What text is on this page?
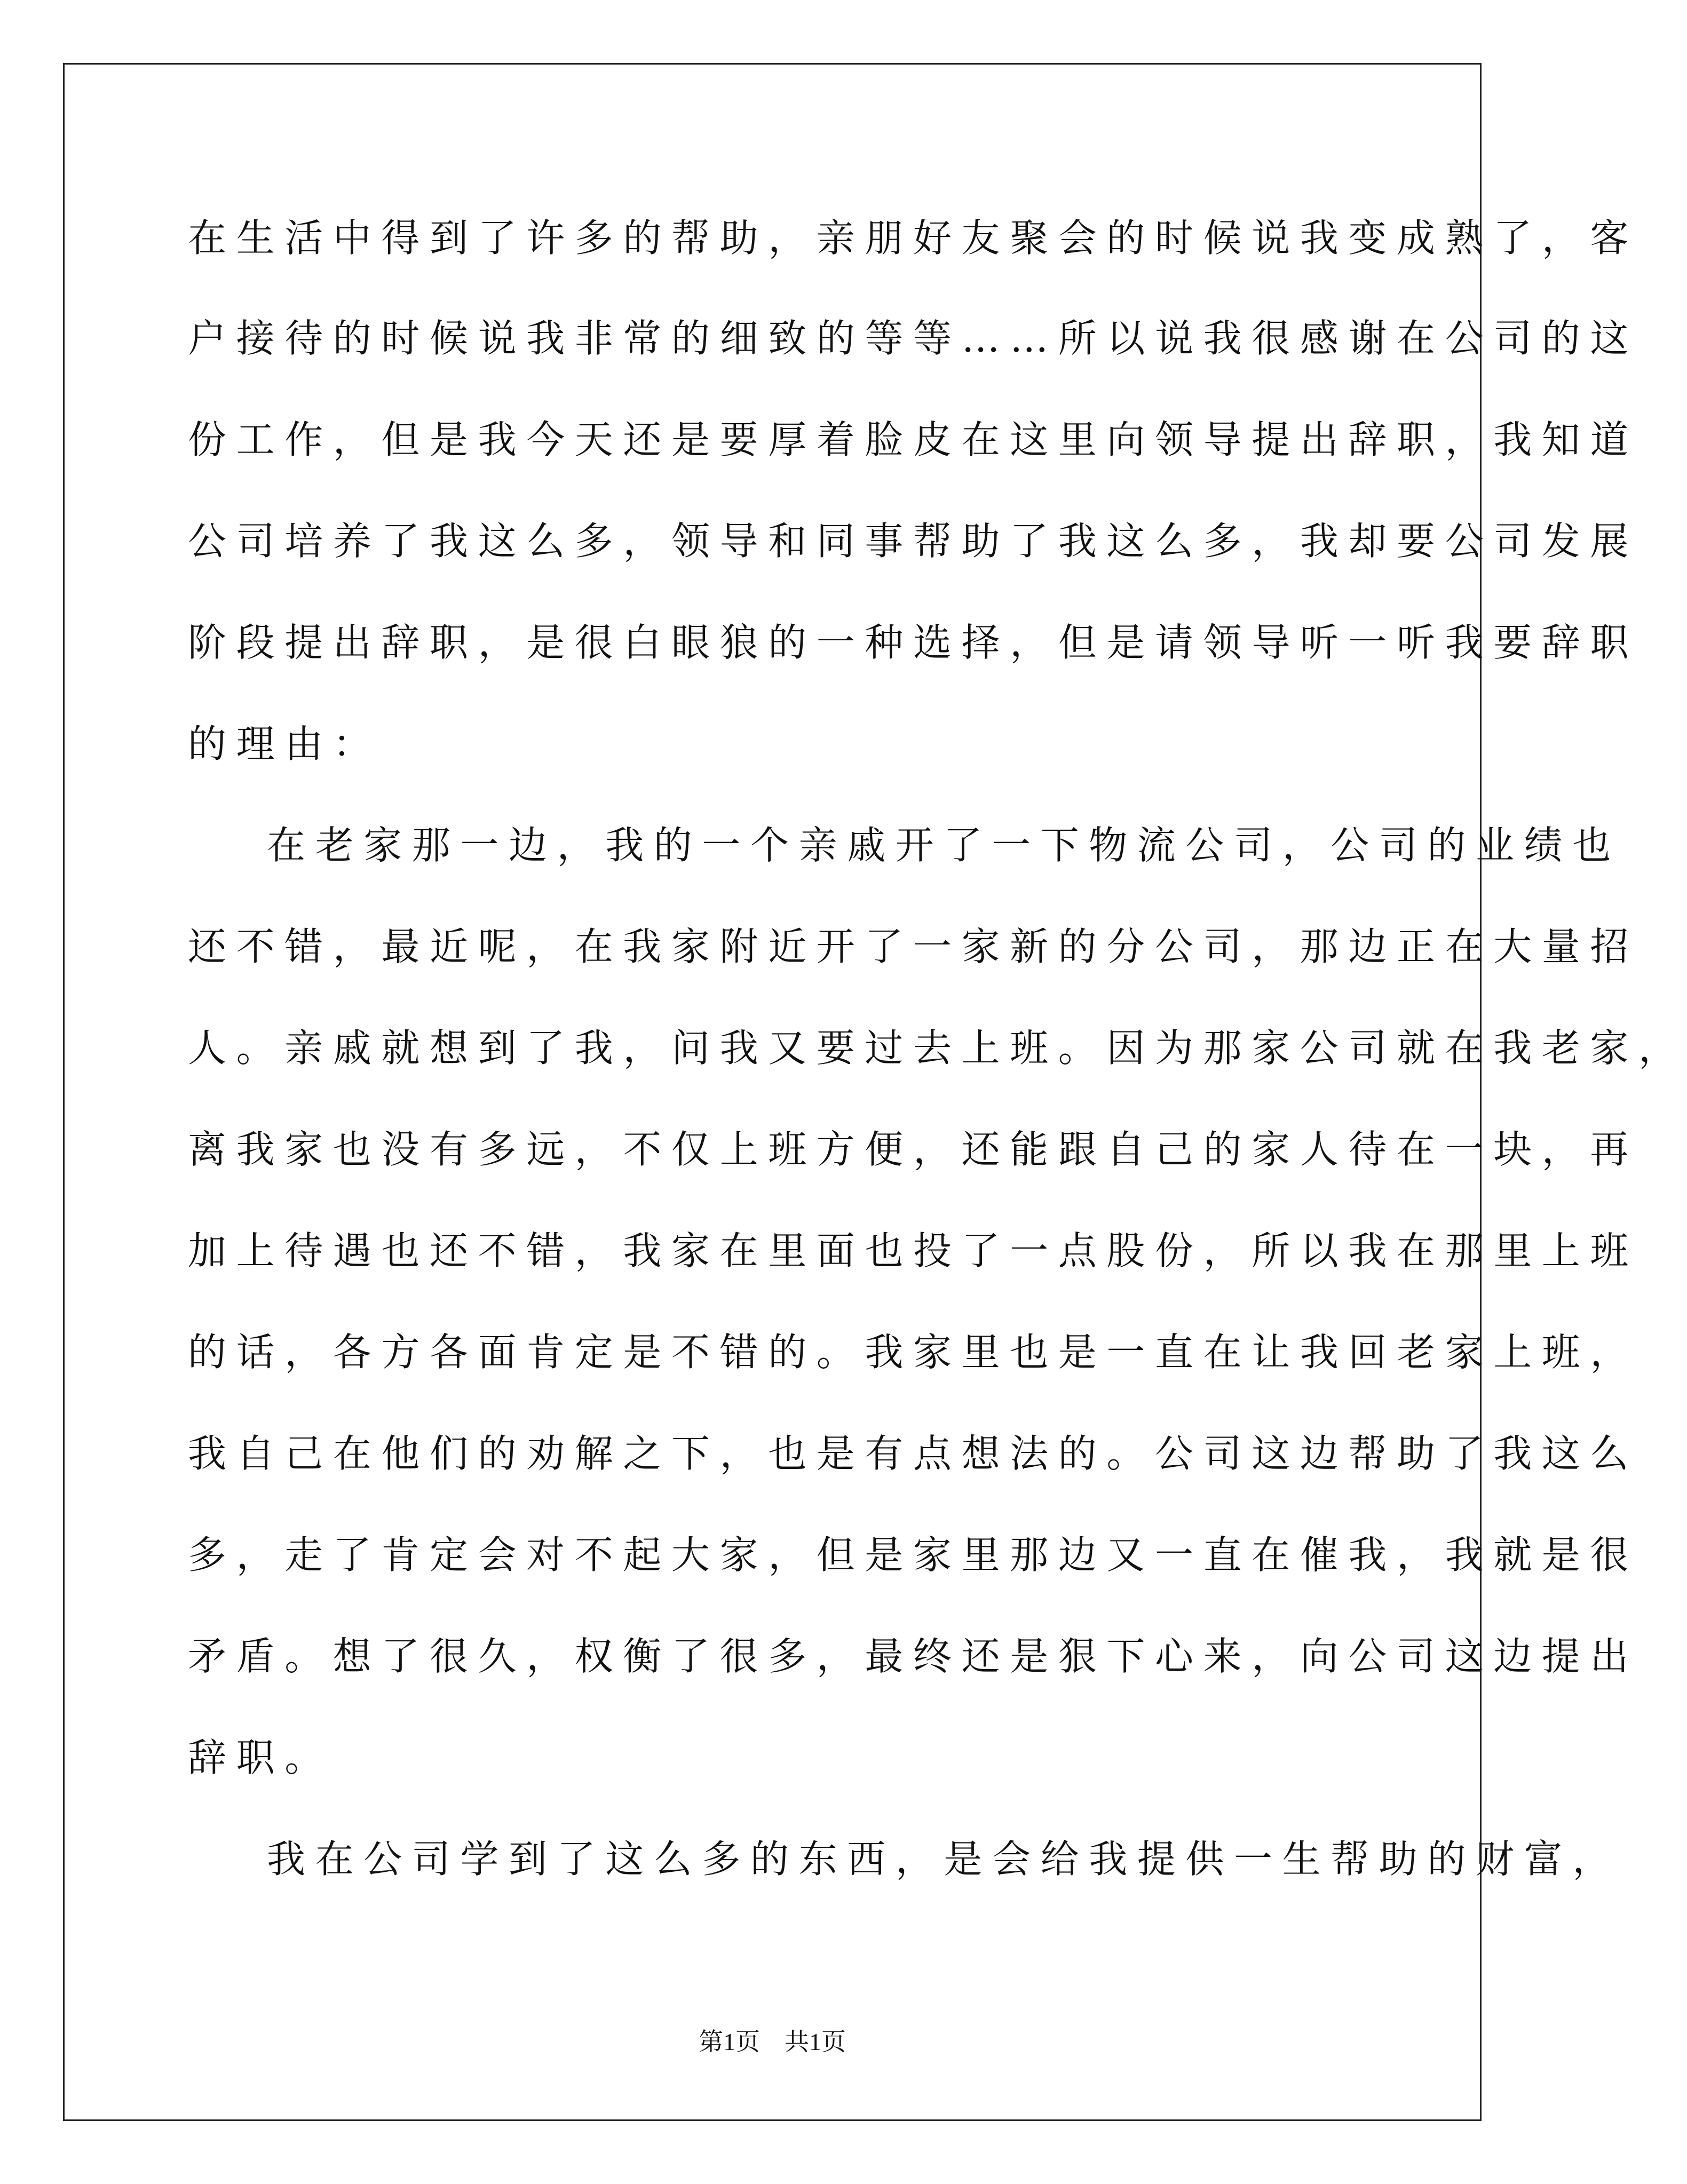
在生活中得到了许多的帮助，亲朋好友聚会的时候说我变成熟了，客
户接待的时候说我非常的细致的等等……所以说我很感谢在公司的这
份工作，但是我今天还是要厚着脸皮在这里向领导提出辞职，我知道
公司培养了我这么多，领导和同事帮助了我这么多，我却要公司发展
阶段提出辞职，是很白眼狼的一种选择，但是请领导听一听我要辞职
的理由：
在老家那一边，我的一个亲戚开了一下物流公司，公司的业绩也
还不错，最近呢，在我家附近开了一家新的分公司，那边正在大量招
人。亲戚就想到了我，问我又要过去上班。因为那家公司就在我老家，
离我家也没有多远，不仅上班方便，还能跟自己的家人待在一块，再
加上待遇也还不错，我家在里面也投了一点股份，所以我在那里上班
的话，各方各面肯定是不错的。我家里也是一直在让我回老家上班，
我自己在他们的劝解之下，也是有点想法的。公司这边帮助了我这么
多，走了肯定会对不起大家，但是家里那边又一直在催我，我就是很
矛盾。想了很久，权衡了很多，最终还是狠下心来，向公司这边提出
辞职。
我在公司学到了这么多的东西，是会给我提供一生帮助的财富，
第1页　共1页
